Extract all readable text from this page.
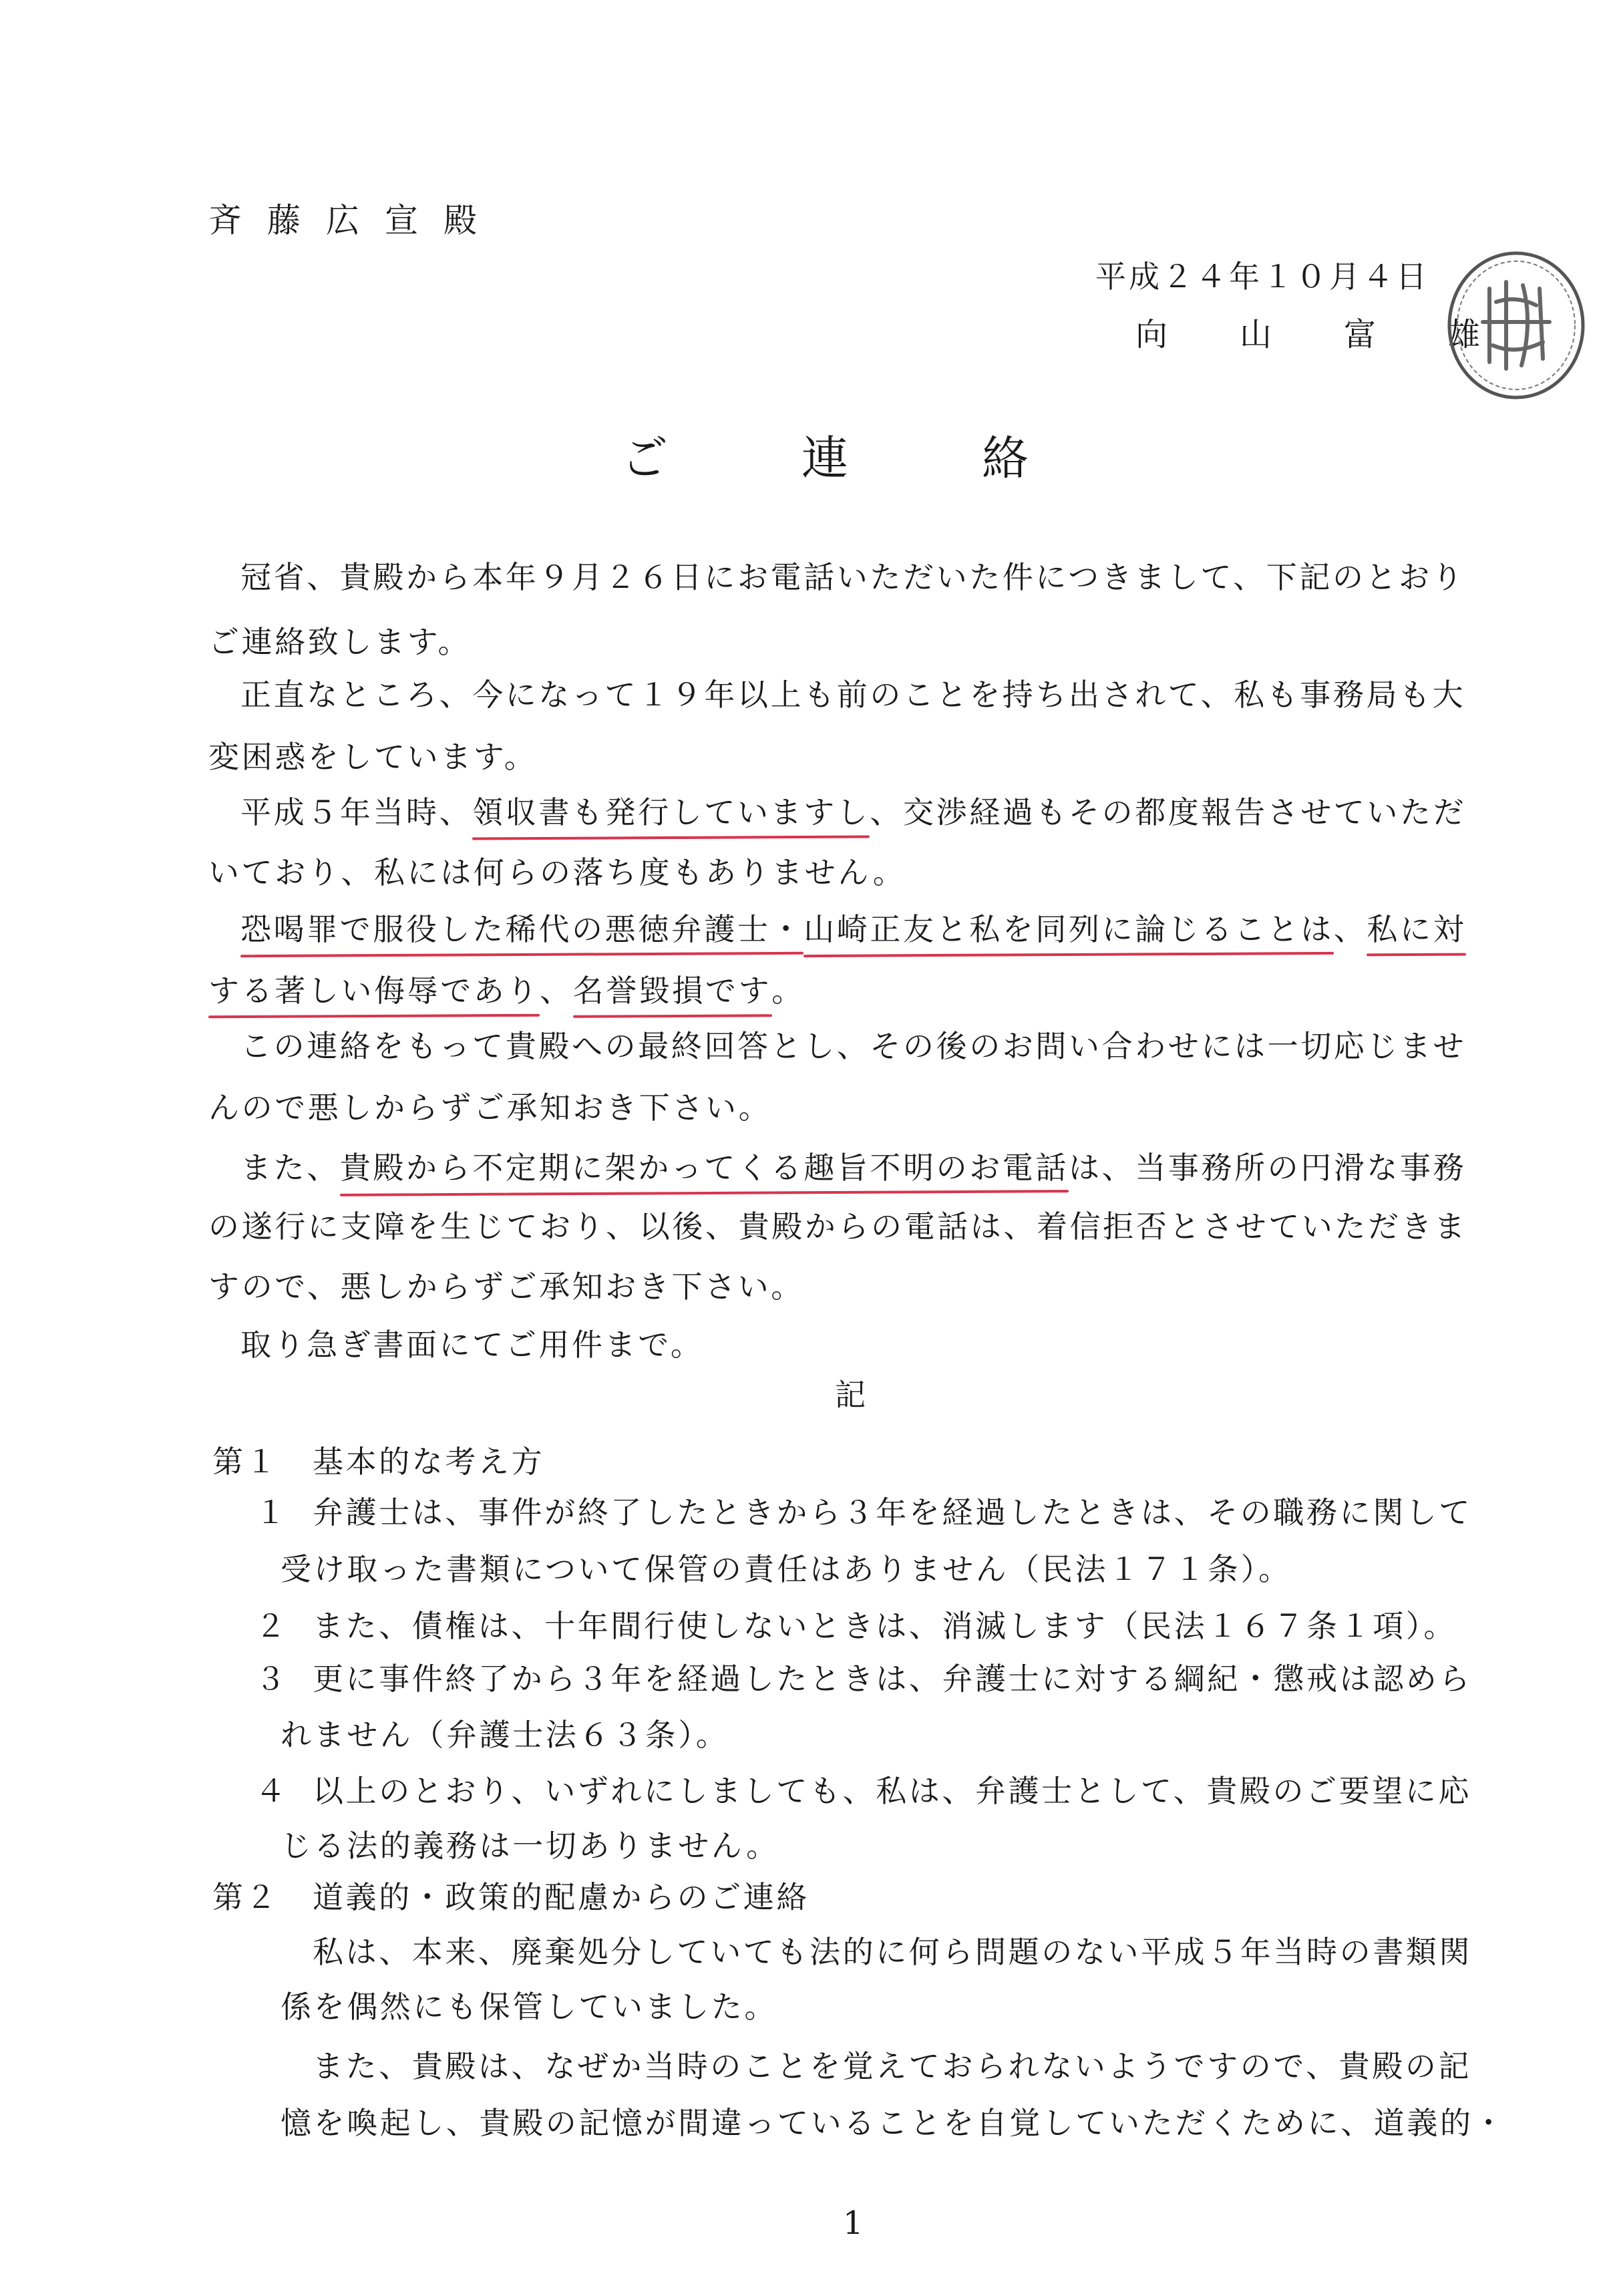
斉藤広宣殿
平成２４年１０月４日
向山富雄
ご連絡
冠省、貴殿から本年９月２６日にお電話いただいた件につきまして、下記のとおり
ご連絡致します。
正直なところ、今になって１９年以上も前のことを持ち出されて、私も事務局も大
変困惑をしています。
平成５年当時、領収書も発行していますし、交渉経過もその都度報告させていただ
いており、私には何らの落ち度もありません。
恐喝罪で服役した稀代の悪徳弁護士・山崎正友と私を同列に論じることは、私に対
する著しい侮辱であり、名誉毀損です。
この連絡をもって貴殿への最終回答とし、その後のお問い合わせには一切応じませ
んので悪しからずご承知おき下さい。
また、貴殿から不定期に架かってくる趣旨不明のお電話は、当事務所の円滑な事務
の遂行に支障を生じており、以後、貴殿からの電話は、着信拒否とさせていただきま
すので、悪しからずご承知おき下さい。
取り急ぎ書面にてご用件まで。
記
第１ 基本的な考え方
１ 弁護士は、事件が終了したときから３年を経過したときは、その職務に関して
受け取った書類について保管の責任はありません（民法１７１条）。
２ また、債権は、十年間行使しないときは、消滅します（民法１６７条１項）。
３ 更に事件終了から３年を経過したときは、弁護士に対する綱紀・懲戒は認めら
れません（弁護士法６３条）。
４ 以上のとおり、いずれにしましても、私は、弁護士として、貴殿のご要望に応
じる法的義務は一切ありません。
第２ 道義的・政策的配慮からのご連絡
私は、本来、廃棄処分していても法的に何ら問題のない平成５年当時の書類関
係を偶然にも保管していました。
また、貴殿は、なぜか当時のことを覚えておられないようですので、貴殿の記
憶を喚起し、貴殿の記憶が間違っていることを自覚していただくために、道義的・
1
